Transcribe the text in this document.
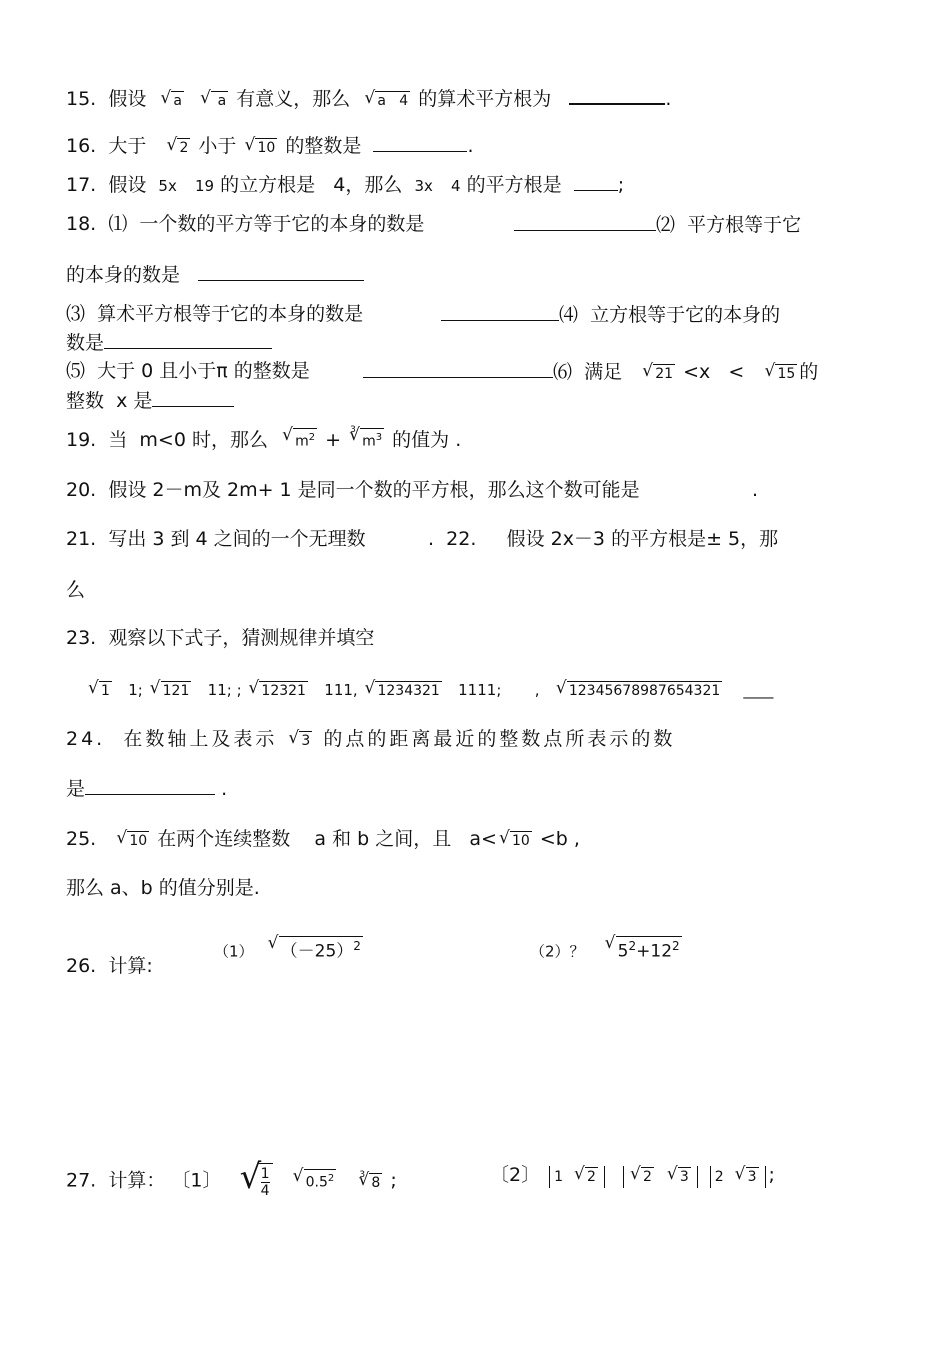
15. 假设 √ a	√  a 有意义，那么 √ a 4 的算术平方根为	.
16. 大于 √ 2 小于 √ 10 的整数是	.
17. 假设 5x 19 的立方根是 4，那么 3x 4 的平方根是	;
18. ⑴ 一个数的平方等于它的本身的数是	⑵ 平方根等于它
的本身的数是
⑶ 算术平方根等于它的本身的数是	⑷ 立方根等于它的本身的
数是
⑸ 大于 0 且小于π 的整数是	⑹ 满足 √ 21 <x < √ 15 的
整数 x 是
19. 当 m<0 时，那么 √ $m^2$ + √ 3
$m^3$ 的值为 .
20. 假设 2－m及 2m+ 1 是同一个数的平方根，那么这个数可能是	.
21. 写出 3 到 4 之间的一个无理数	. 22. 假设 2x－3 的平方根是± 5，那
么
23. 观察以下式子，猜测规律并填空
√ 1 1; √ 121 11; ; √ 12321 111, √ 1234321 1111; , √ 12345678987654321 ____
24. 在数轴上及表示 √ 3 的点的距离最近的整数点所表示的数
是	.
25. √ 10 在两个连续整数 a 和 b 之间，且 a< √ 10 <b ,
那么 a、b 的值分别是.
26. 计算:
（1） √ $(-25)^2$	（2）？ √ $5^2+12^2$
27. 计算： 〔1〕	√ $\frac{1}{4}$	√ $0.5^2$	√ 3 8 ;	〔2〕 1 √ 2	√ 2 √ 3 2 √ 3 ;
